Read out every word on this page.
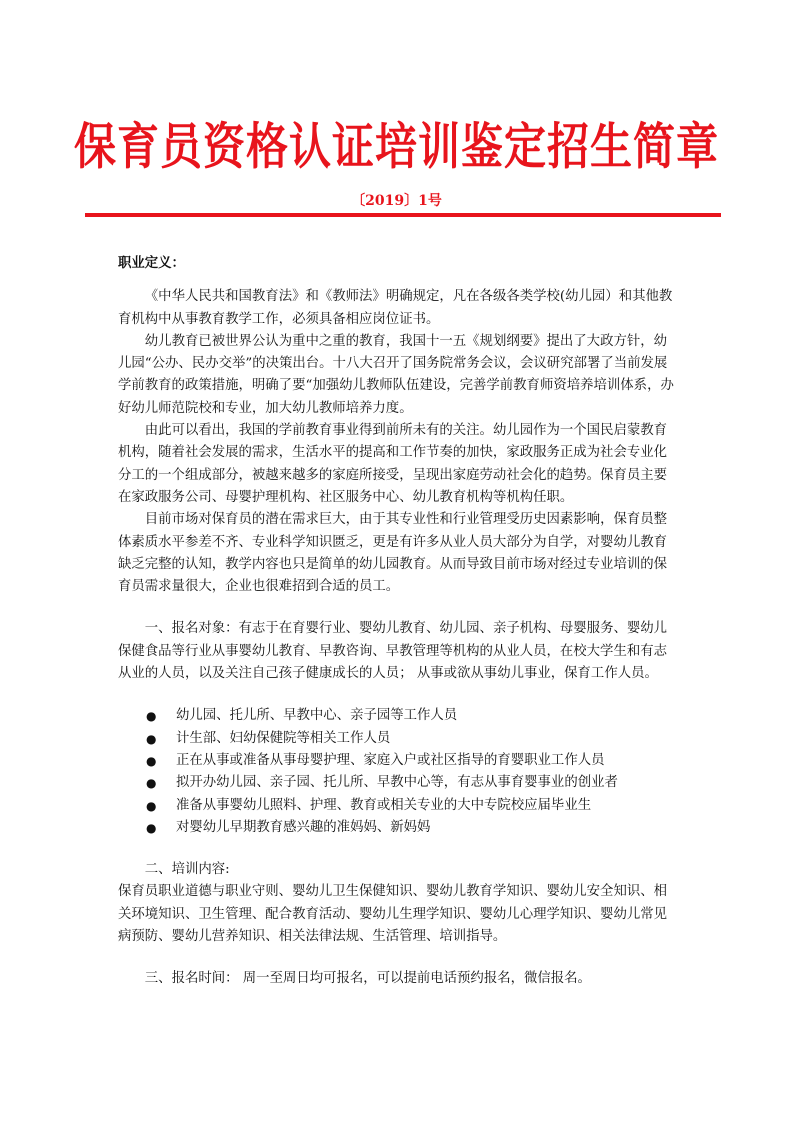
保育员资格认证培训鉴定招生简章
〔2019〕1号

职业定义：

《中华人民共和国教育法》和《教师法》明确规定，凡在各级各类学校(幼儿园）和其他教育机构中从事教育教学工作，必须具备相应岗位证书。

幼儿教育已被世界公认为重中之重的教育，我国十一五《规划纲要》提出了大政方针，幼儿园“公办、民办交举”的决策出台。十八大召开了国务院常务会议，会议研究部署了当前发展学前教育的政策措施，明确了要“加强幼儿教师队伍建设，完善学前教育师资培养培训体系，办好幼儿师范院校和专业，加大幼儿教师培养力度。

由此可以看出，我国的学前教育事业得到前所未有的关注。幼儿园作为一个国民启蒙教育机构，随着社会发展的需求，生活水平的提高和工作节奏的加快，家政服务正成为社会专业化分工的一个组成部分，被越来越多的家庭所接受，呈现出家庭劳动社会化的趋势。保育员主要在家政服务公司、母婴护理机构、社区服务中心、幼儿教育机构等机构任职。

目前市场对保育员的潜在需求巨大，由于其专业性和行业管理受历史因素影响，保育员整体素质水平参差不齐、专业科学知识匮乏，更是有许多从业人员大部分为自学，对婴幼儿教育缺乏完整的认知，教学内容也只是简单的幼儿园教育。从而导致目前市场对经过专业培训的保育员需求量很大，企业也很难招到合适的员工。

一、报名对象：有志于在育婴行业、婴幼儿教育、幼儿园、亲子机构、母婴服务、婴幼儿保健食品等行业从事婴幼儿教育、早教咨询、早教管理等机构的从业人员，在校大学生和有志从业的人员，以及关注自己孩子健康成长的人员； 从事或欲从事幼儿事业，保育工作人员。

● 幼儿园、托儿所、早教中心、亲子园等工作人员
● 计生部、妇幼保健院等相关工作人员
● 正在从事或准备从事母婴护理、家庭入户或社区指导的育婴职业工作人员
● 拟开办幼儿园、亲子园、托儿所、早教中心等，有志从事育婴事业的创业者
● 准备从事婴幼儿照料、护理、教育或相关专业的大中专院校应届毕业生
● 对婴幼儿早期教育感兴趣的准妈妈、新妈妈

二、培训内容:

保育员职业道德与职业守则、婴幼儿卫生保健知识、婴幼儿教育学知识、婴幼儿安全知识、相关环境知识、卫生管理、配合教育活动、婴幼儿生理学知识、婴幼儿心理学知识、婴幼儿常见病预防、婴幼儿营养知识、相关法律法规、生活管理、培训指导。

三、报名时间： 周一至周日均可报名，可以提前电话预约报名，微信报名。
